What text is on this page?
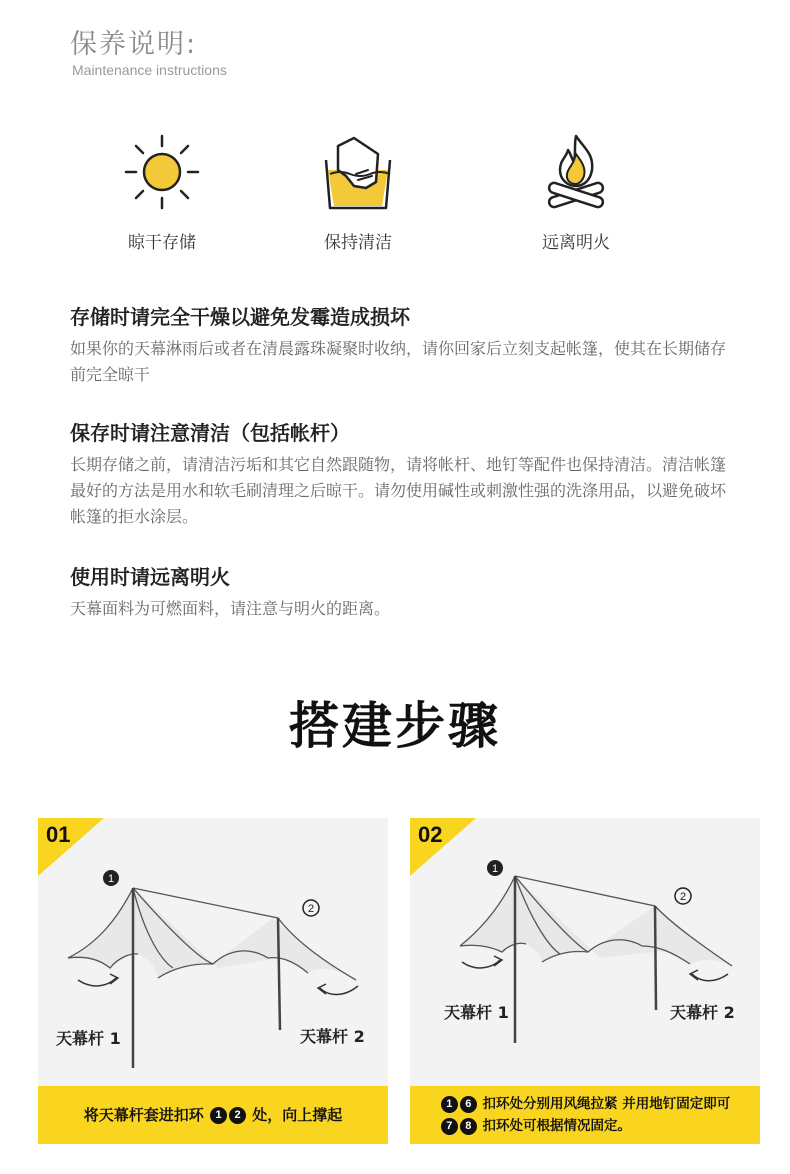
保养说明:
Maintenance instructions
晾干存储	保持清洁	远离明火
存储时请完全干燥以避免发霉造成损坏

如果你的天幕淋雨后或者在清晨露珠凝聚时收纳，请你回家后立刻支起帐篷，使其在长期储存前完全晾干

保存时请注意清洁（包括帐杆）

长期存储之前，请清洁污垢和其它自然跟随物，请将帐杆、地钉等配件也保持清洁。清洁帐篷最好的方法是用水和软毛刷清理之后晾干。请勿使用碱性或刺激性强的洗涤用品，以避免破坏帐篷的拒水涂层。

使用时请远离明火

天幕面料为可燃面料，请注意与明火的距离。

搭建步骤
1
2
01
天幕杆 1	天幕杆 2
将天幕杆套进扣环 1 2 处，向上撑起
1
2
02
天幕杆 1	天幕杆 2
1 6 扣环处分别用风绳拉紧 并用地钉固定即可
7 8 扣环处可根据情况固定。
